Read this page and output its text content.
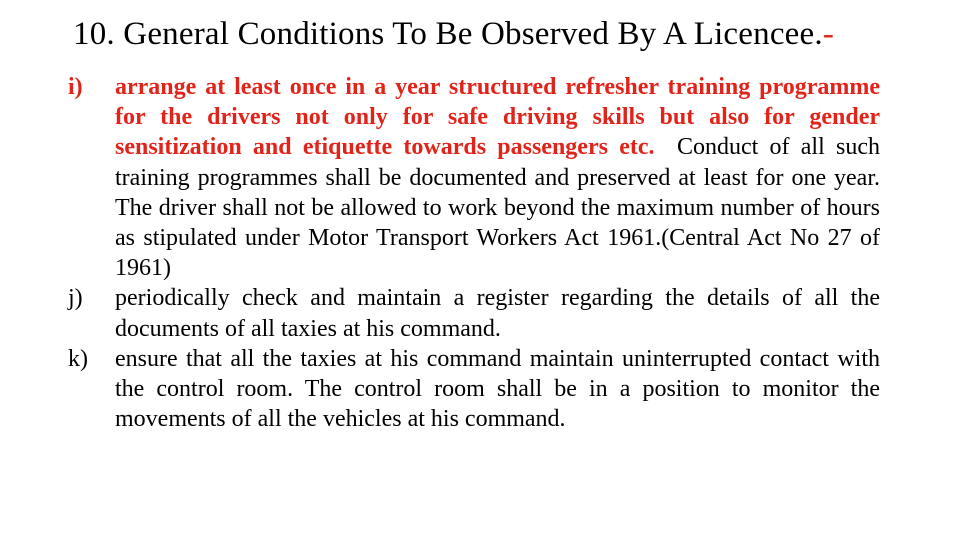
10. General Conditions To Be Observed By A Licencee.-
i)	arrange at least once in a year structured refresher training programme for the drivers not only for safe driving skills but also for gender sensitization and etiquette towards passengers etc. Conduct of all such training programmes shall be documented and preserved at least for one year. The driver shall not be allowed to work beyond the maximum number of hours as stipulated under Motor Transport Workers Act 1961.(Central Act No 27 of 1961)
j)	periodically check and maintain a register regarding the details of all the documents of all taxies at his command.
k)	ensure that all the taxies at his command maintain uninterrupted contact with the control room. The control room shall be in a position to monitor the movements of all the vehicles at his command.
